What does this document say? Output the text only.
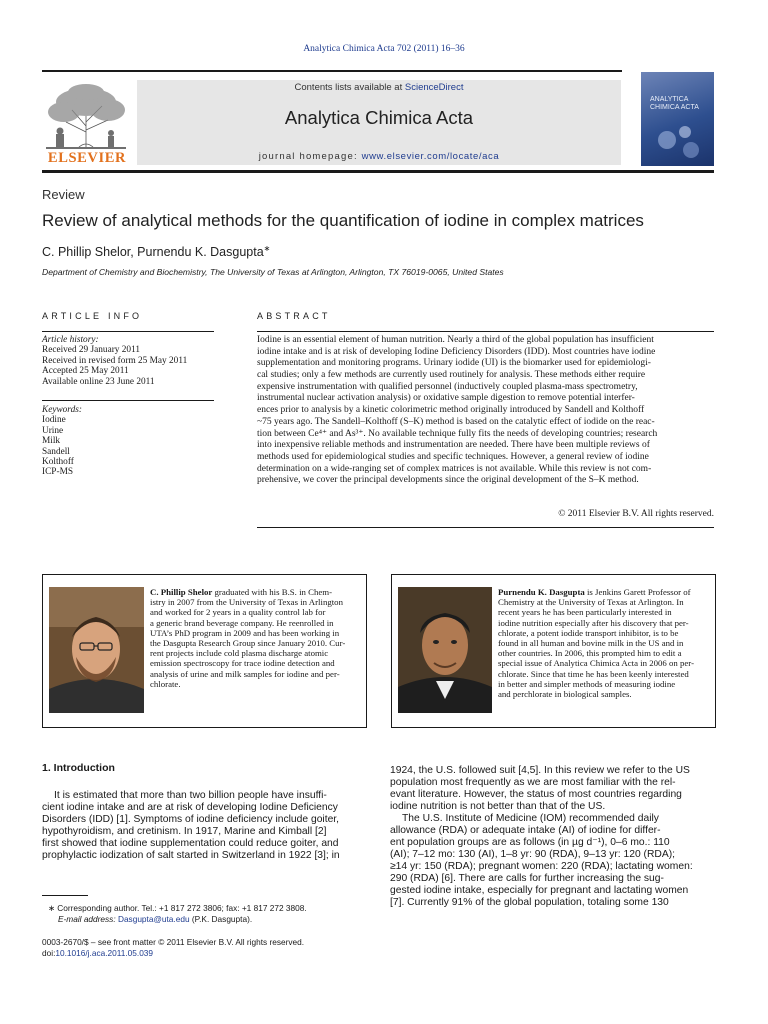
Analytica Chimica Acta 702 (2011) 16–36
ELSEVIER
Contents lists available at ScienceDirect
Analytica Chimica Acta
journal homepage: www.elsevier.com/locate/aca
ANALYTICA
CHIMICA ACTA
Review
Review of analytical methods for the quantification of iodine in complex matrices
C. Phillip Shelor, Purnendu K. Dasgupta∗
Department of Chemistry and Biochemistry, The University of Texas at Arlington, Arlington, TX 76019-0065, United States
ARTICLE INFO
Article history:
Received 29 January 2011
Received in revised form 25 May 2011
Accepted 25 May 2011
Available online 23 June 2011
Keywords:
Iodine
Urine
Milk
Sandell
Kolthoff
ICP-MS
ABSTRACT
Iodine is an essential element of human nutrition. Nearly a third of the global population has insufficient
iodine intake and is at risk of developing Iodine Deficiency Disorders (IDD). Most countries have iodine
supplementation and monitoring programs. Urinary iodide (UI) is the biomarker used for epidemiologi-
cal studies; only a few methods are currently used routinely for analysis. These methods either require
expensive instrumentation with qualified personnel (inductively coupled plasma-mass spectrometry,
instrumental nuclear activation analysis) or oxidative sample digestion to remove potential interfer-
ences prior to analysis by a kinetic colorimetric method originally introduced by Sandell and Kolthoff
~75 years ago. The Sandell–Kolthoff (S–K) method is based on the catalytic effect of iodide on the reac-
tion between Ce⁴⁺ and As³⁺. No available technique fully fits the needs of developing countries; research
into inexpensive reliable methods and instrumentation are needed. There have been multiple reviews of
methods used for epidemiological studies and specific techniques. However, a general review of iodine
determination on a wide-ranging set of complex matrices is not available. While this review is not com-
prehensive, we cover the principal developments since the original development of the S–K method.
© 2011 Elsevier B.V. All rights reserved.
C. Phillip Shelor graduated with his B.S. in Chem-
istry in 2007 from the University of Texas in Arlington
and worked for 2 years in a quality control lab for
a generic brand beverage company. He reenrolled in
UTA’s PhD program in 2009 and has been working in
the Dasgupta Research Group since January 2010. Cur-
rent projects include cold plasma discharge atomic
emission spectroscopy for trace iodine detection and
analysis of urine and milk samples for iodine and per-
chlorate.
Purnendu K. Dasgupta is Jenkins Garett Professor of
Chemistry at the University of Texas at Arlington. In
recent years he has been particularly interested in
iodine nutrition especially after his discovery that per-
chlorate, a potent iodide transport inhibitor, is to be
found in all human and bovine milk in the US and in
other countries. In 2006, this prompted him to edit a
special issue of Analytica Chimica Acta in 2006 on per-
chlorate. Since that time he has been keenly interested
in better and simpler methods of measuring iodine
and perchlorate in biological samples.
1. Introduction
It is estimated that more than two billion people have insuffi-
cient iodine intake and are at risk of developing Iodine Deficiency
Disorders (IDD) [1]. Symptoms of iodine deficiency include goiter,
hypothyroidism, and cretinism. In 1917, Marine and Kimball [2]
first showed that iodine supplementation could reduce goiter, and
prophylactic iodization of salt started in Switzerland in 1922 [3]; in
1924, the U.S. followed suit [4,5]. In this review we refer to the US
population most frequently as we are most familiar with the rel-
evant literature. However, the status of most countries regarding
iodine nutrition is not better than that of the US.
The U.S. Institute of Medicine (IOM) recommended daily
allowance (RDA) or adequate intake (AI) of iodine for differ-
ent population groups are as follows (in µg d⁻¹), 0–6 mo.: 110
(AI); 7–12 mo: 130 (AI), 1–8 yr: 90 (RDA), 9–13 yr: 120 (RDA);
≥14 yr: 150 (RDA); pregnant women: 220 (RDA); lactating women:
290 (RDA) [6]. There are calls for further increasing the sug-
gested iodine intake, especially for pregnant and lactating women
[7]. Currently 91% of the global population, totaling some 130
∗ Corresponding author. Tel.: +1 817 272 3806; fax: +1 817 272 3808.
E-mail address: Dasgupta@uta.edu (P.K. Dasgupta).
0003-2670/$ – see front matter © 2011 Elsevier B.V. All rights reserved.
doi:10.1016/j.aca.2011.05.039
